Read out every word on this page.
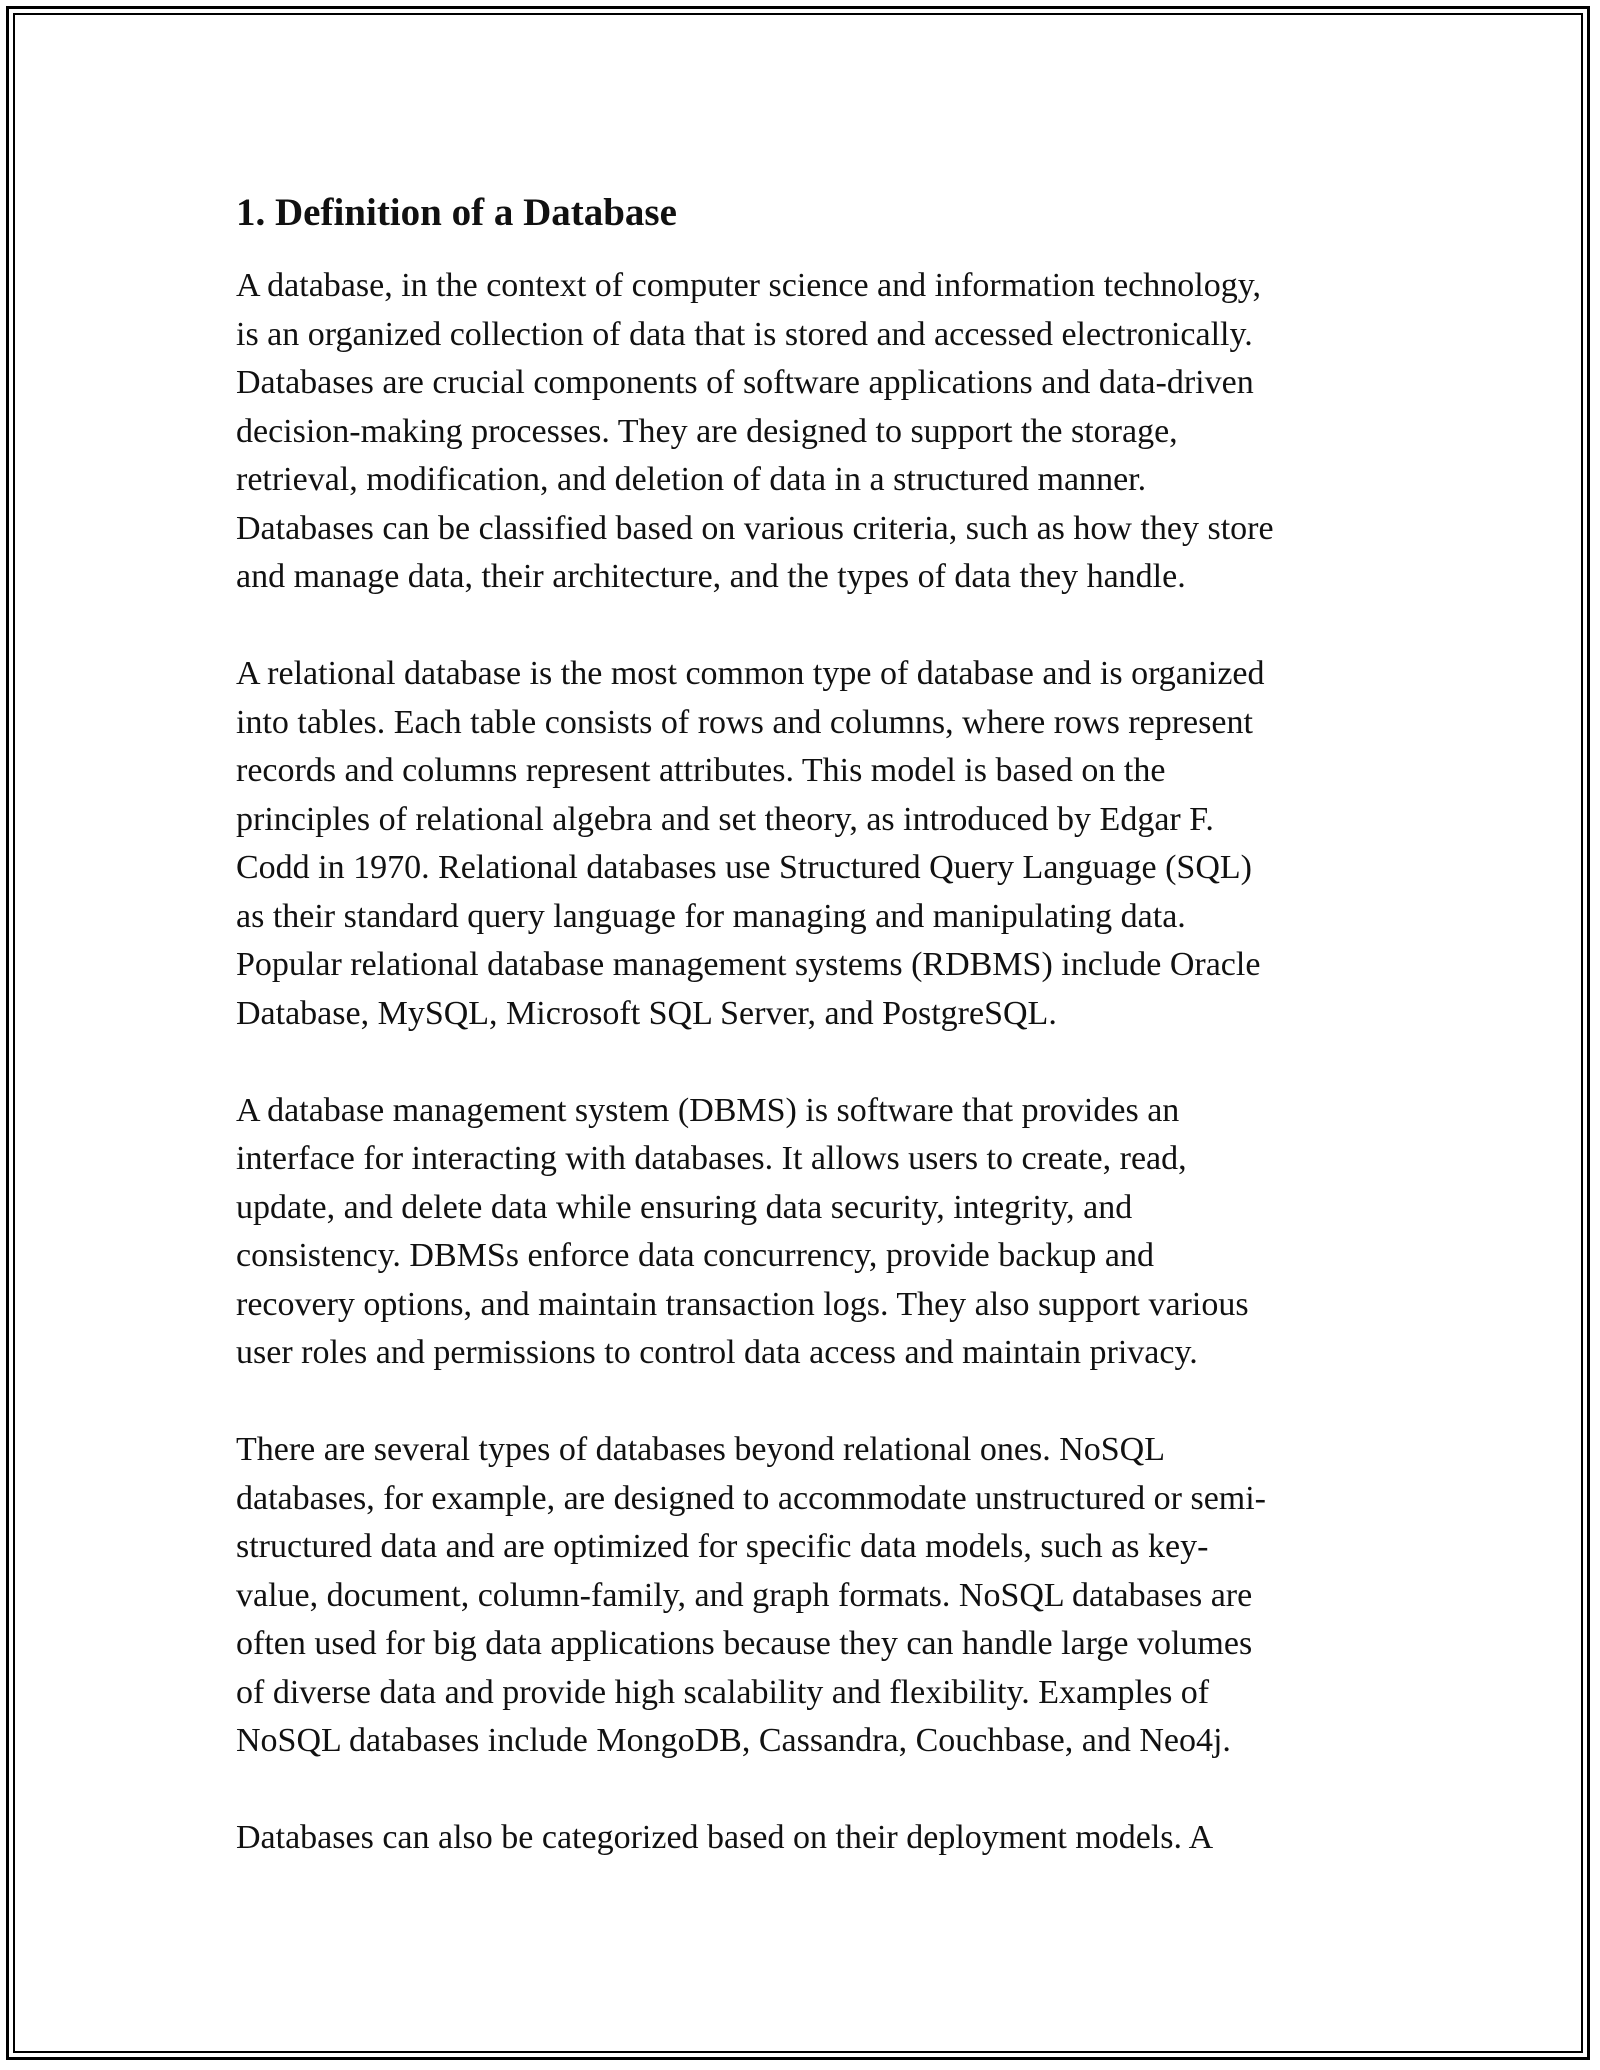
1. Definition of a Database

A database, in the context of computer science and information technology,
is an organized collection of data that is stored and accessed electronically.
Databases are crucial components of software applications and data-driven
decision-making processes. They are designed to support the storage,
retrieval, modification, and deletion of data in a structured manner.
Databases can be classified based on various criteria, such as how they store
and manage data, their architecture, and the types of data they handle.

A relational database is the most common type of database and is organized
into tables. Each table consists of rows and columns, where rows represent
records and columns represent attributes. This model is based on the
principles of relational algebra and set theory, as introduced by Edgar F.
Codd in 1970. Relational databases use Structured Query Language (SQL)
as their standard query language for managing and manipulating data.
Popular relational database management systems (RDBMS) include Oracle
Database, MySQL, Microsoft SQL Server, and PostgreSQL.

A database management system (DBMS) is software that provides an
interface for interacting with databases. It allows users to create, read,
update, and delete data while ensuring data security, integrity, and
consistency. DBMSs enforce data concurrency, provide backup and
recovery options, and maintain transaction logs. They also support various
user roles and permissions to control data access and maintain privacy.

There are several types of databases beyond relational ones. NoSQL
databases, for example, are designed to accommodate unstructured or semi-
structured data and are optimized for specific data models, such as key-
value, document, column-family, and graph formats. NoSQL databases are
often used for big data applications because they can handle large volumes
of diverse data and provide high scalability and flexibility. Examples of
NoSQL databases include MongoDB, Cassandra, Couchbase, and Neo4j.

Databases can also be categorized based on their deployment models. A
